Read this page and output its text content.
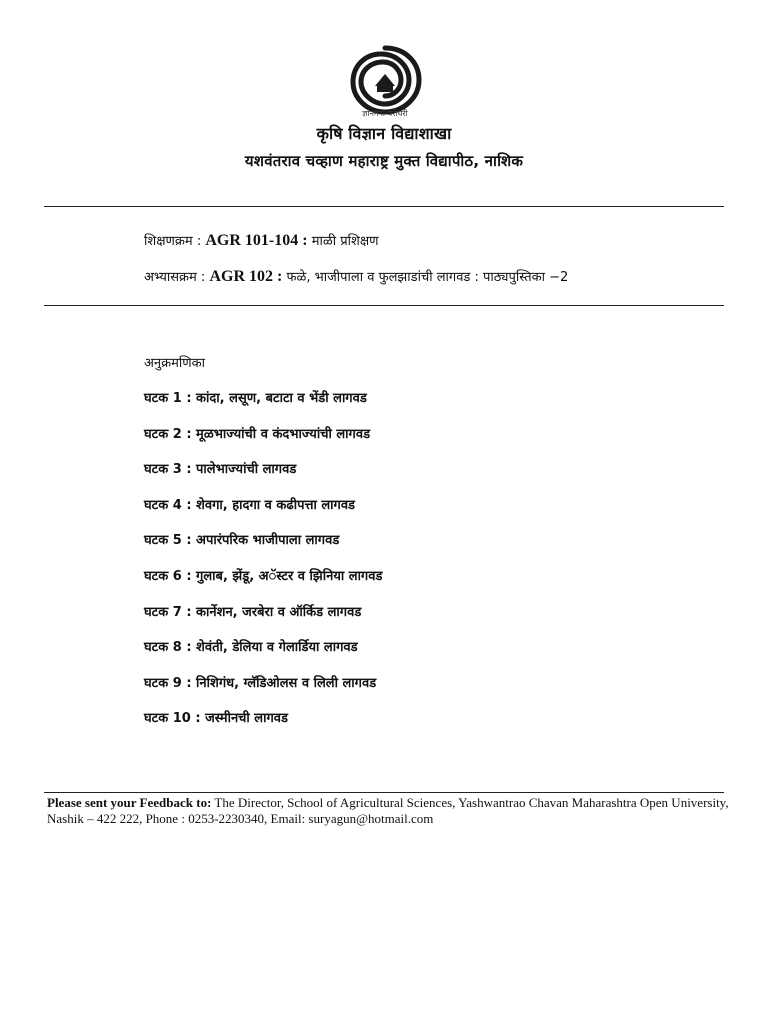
ज्ञानगंगा घरोघरी
कृषि विज्ञान विद्याशाखा
यशवंतराव चव्हाण महाराष्ट्र मुक्त विद्यापीठ, नाशिक
शिक्षणक्रम : AGR 101-104 : माळी प्रशिक्षण
अभ्यासक्रम : AGR 102 : फळे, भाजीपाला व फुलझाडांची लागवड : पाठ्यपुस्तिका −2
अनुक्रमणिका
घटक 1 : कांदा, लसूण, बटाटा व भेंडी लागवड
घटक 2 : मूळभाज्यांची व कंदभाज्यांची लागवड
घटक 3 : पालेभाज्यांची लागवड
घटक 4 : शेवगा, हादगा व कढीपत्ता लागवड
घटक 5 : अपारंपरिक भाजीपाला लागवड
घटक 6 : गुलाब, झेंडू, अॅस्टर व झिनिया लागवड
घटक 7 : कार्नेशन, जरबेरा व ऑर्किड लागवड
घटक 8 : शेवंती, डेलिया व गेलार्डिया लागवड
घटक 9 : निशिगंध, ग्लॅडिओलस व लिली लागवड
घटक 10 : जस्मीनची लागवड
Please sent your Feedback to: The Director, School of Agricultural Sciences, Yashwantrao Chavan Maharashtra Open University, Nashik – 422 222, Phone : 0253-2230340, Email: suryagun@hotmail.com
